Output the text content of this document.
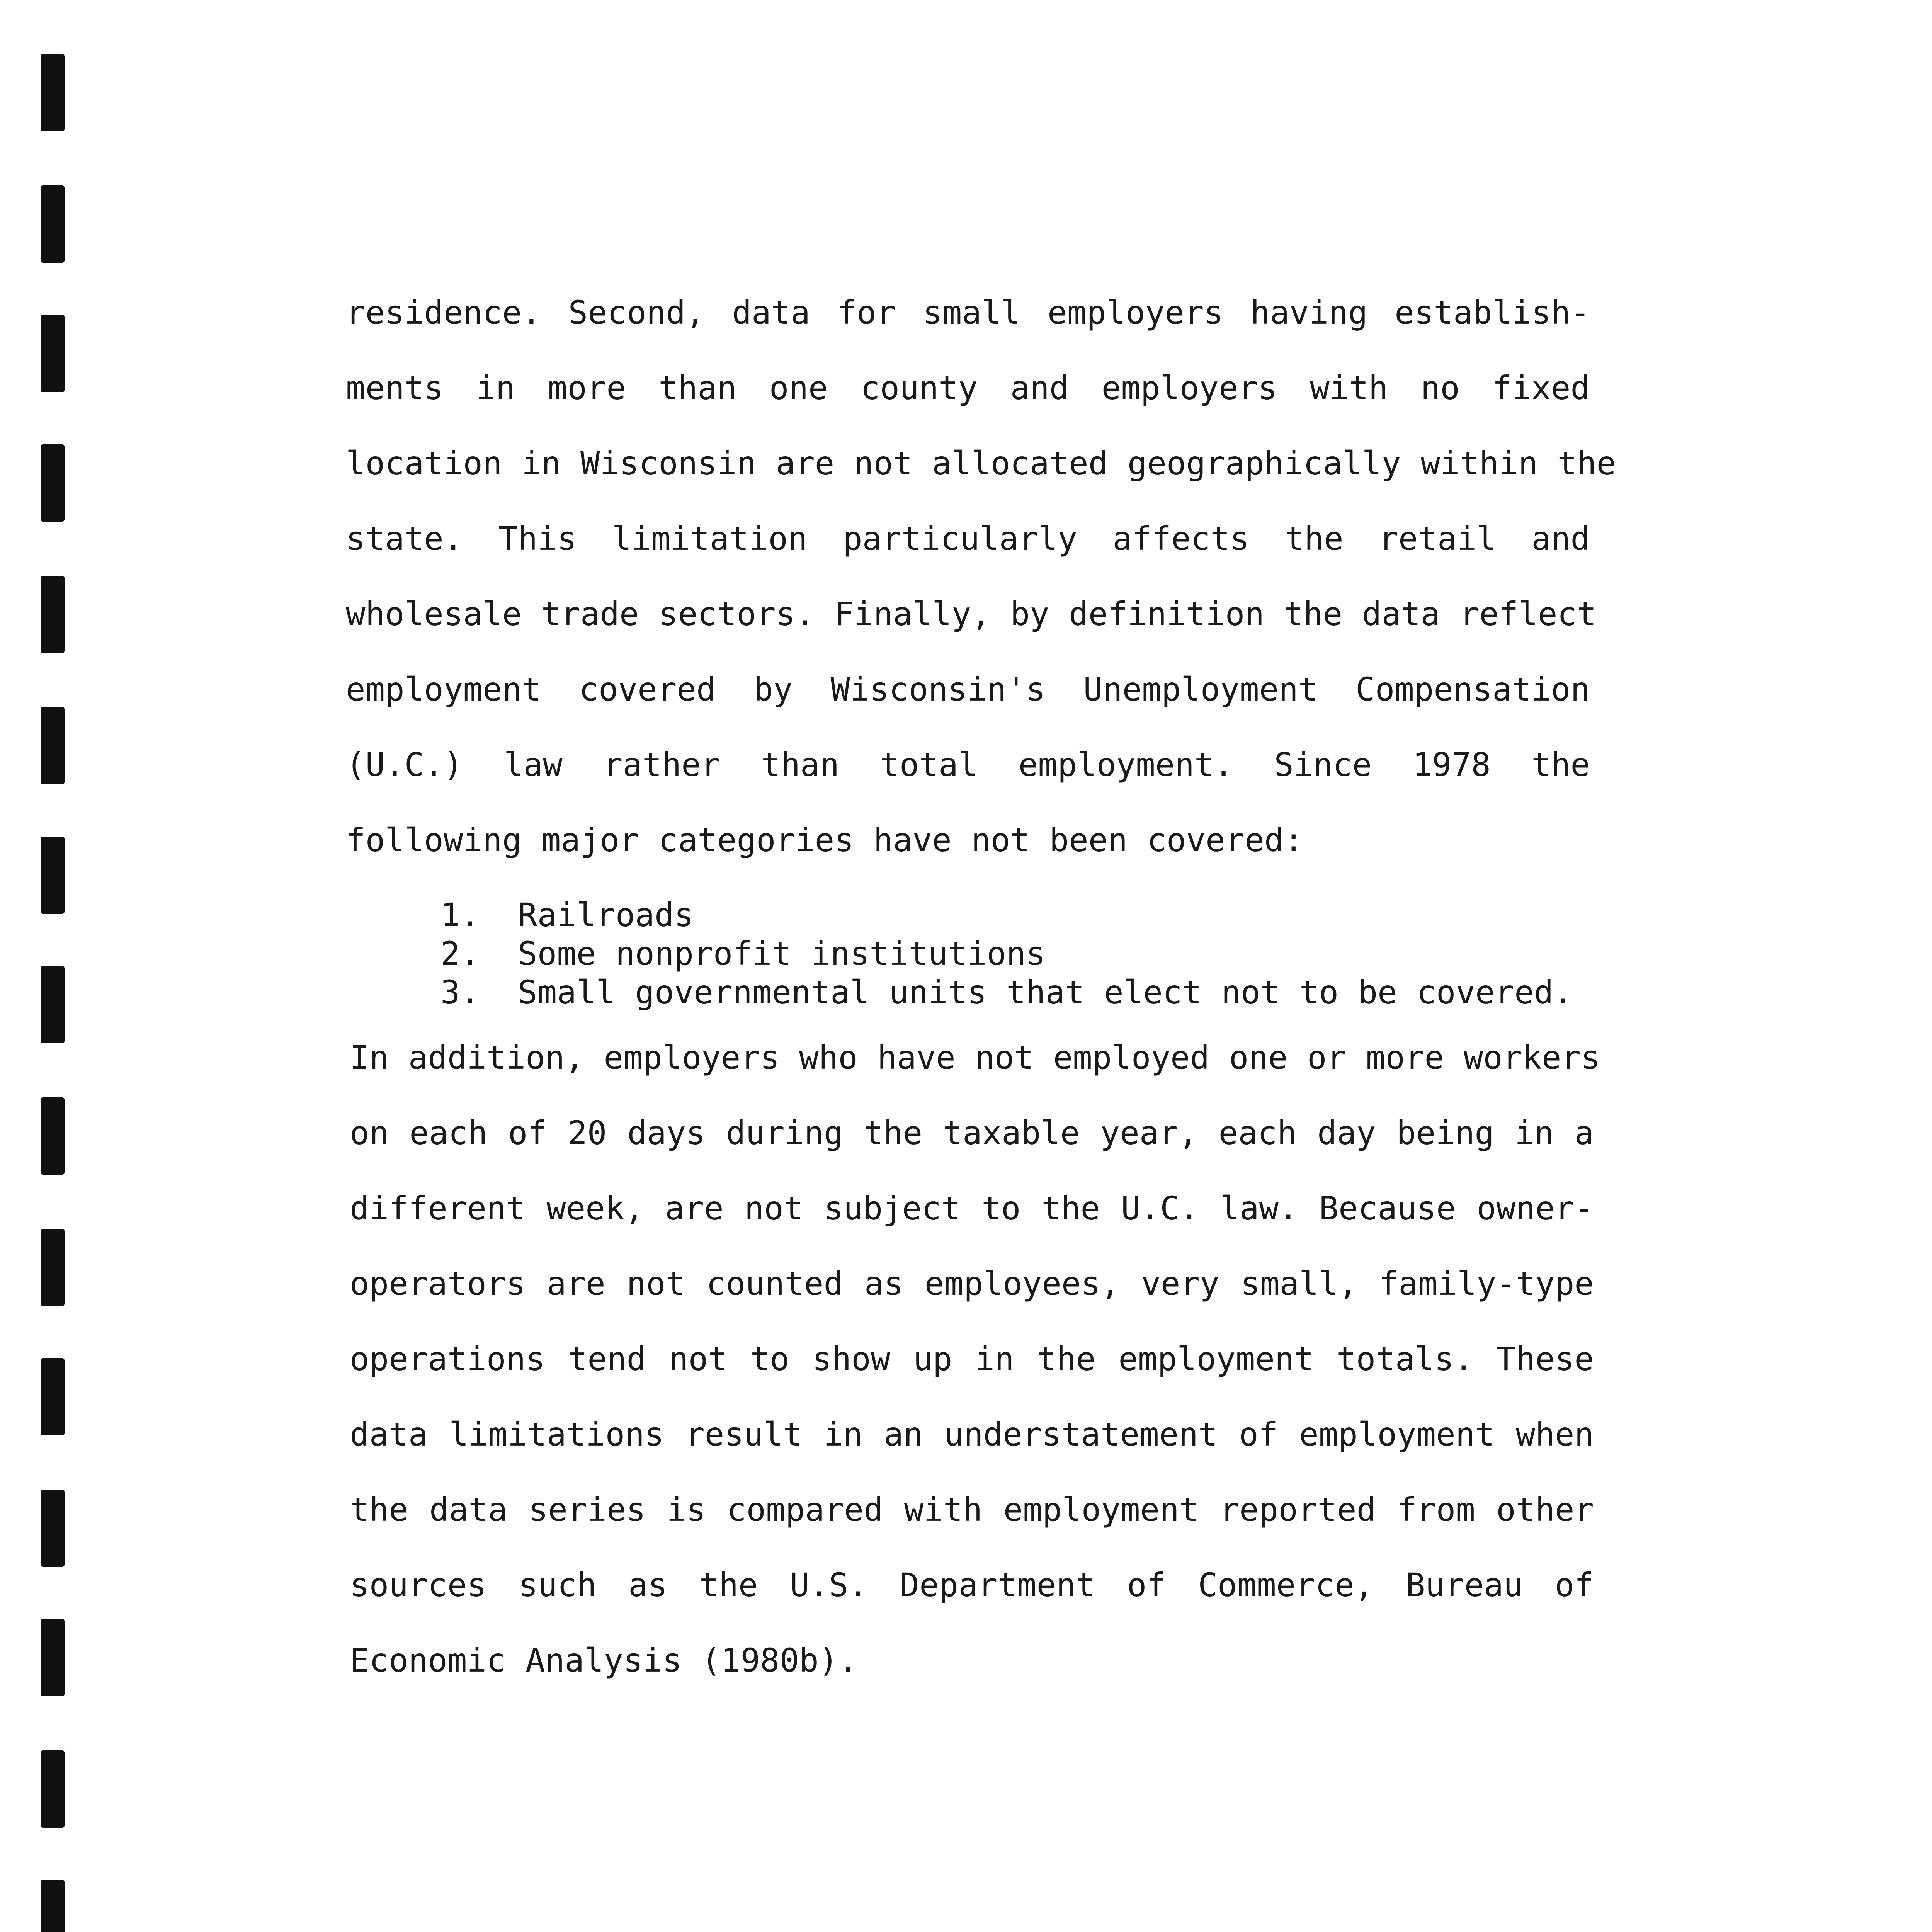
residence. Second, data for small employers having establish-
ments in more than one county and employers with no fixed
location in Wisconsin are not allocated geographically within the
state. This limitation particularly affects the retail and
wholesale trade sectors. Finally, by definition the data reflect
employment covered by Wisconsin's Unemployment Compensation
(U.C.) law rather than total employment. Since 1978 the
following major categories have not been covered:
1. Railroads
2. Some nonprofit institutions
3. Small governmental units that elect not to be covered.
In addition, employers who have not employed one or more workers
on each of 20 days during the taxable year, each day being in a
different week, are not subject to the U.C. law. Because owner-
operators are not counted as employees, very small, family-type
operations tend not to show up in the employment totals. These
data limitations result in an understatement of employment when
the data series is compared with employment reported from other
sources such as the U.S. Department of Commerce, Bureau of
Economic Analysis (1980b).
